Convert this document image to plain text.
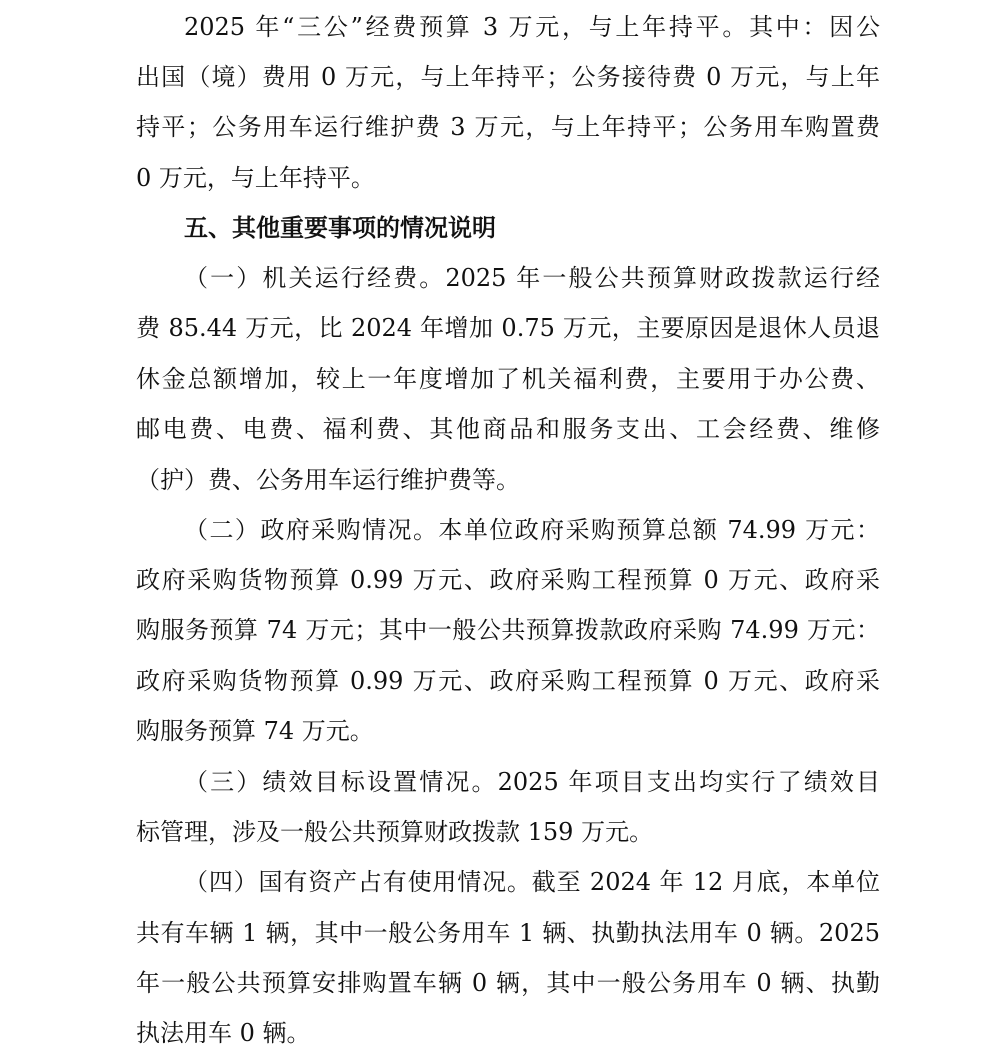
2025 年“三公”经费预算 3 万元，与上年持平。其中：因公
出国（境）费用 0 万元，与上年持平；公务接待费 0 万元，与上年
持平；公务用车运行维护费 3 万元，与上年持平；公务用车购置费
0 万元，与上年持平。
五、其他重要事项的情况说明
（一）机关运行经费。2025 年一般公共预算财政拨款运行经
费 85.44 万元，比 2024 年增加 0.75 万元，主要原因是退休人员退
休金总额增加，较上一年度增加了机关福利费，主要用于办公费、
邮电费、电费、福利费、其他商品和服务支出、工会经费、维修
（护）费、公务用车运行维护费等。
（二）政府采购情况。本单位政府采购预算总额 74.99 万元：
政府采购货物预算 0.99 万元、政府采购工程预算 0 万元、政府采
购服务预算 74 万元；其中一般公共预算拨款政府采购 74.99 万元：
政府采购货物预算 0.99 万元、政府采购工程预算 0 万元、政府采
购服务预算 74 万元。
（三）绩效目标设置情况。2025 年项目支出均实行了绩效目
标管理，涉及一般公共预算财政拨款 159 万元。
（四）国有资产占有使用情况。截至 2024 年 12 月底，本单位
共有车辆 1 辆，其中一般公务用车 1 辆、执勤执法用车 0 辆。2025
年一般公共预算安排购置车辆 0 辆，其中一般公务用车 0 辆、执勤
执法用车 0 辆。
